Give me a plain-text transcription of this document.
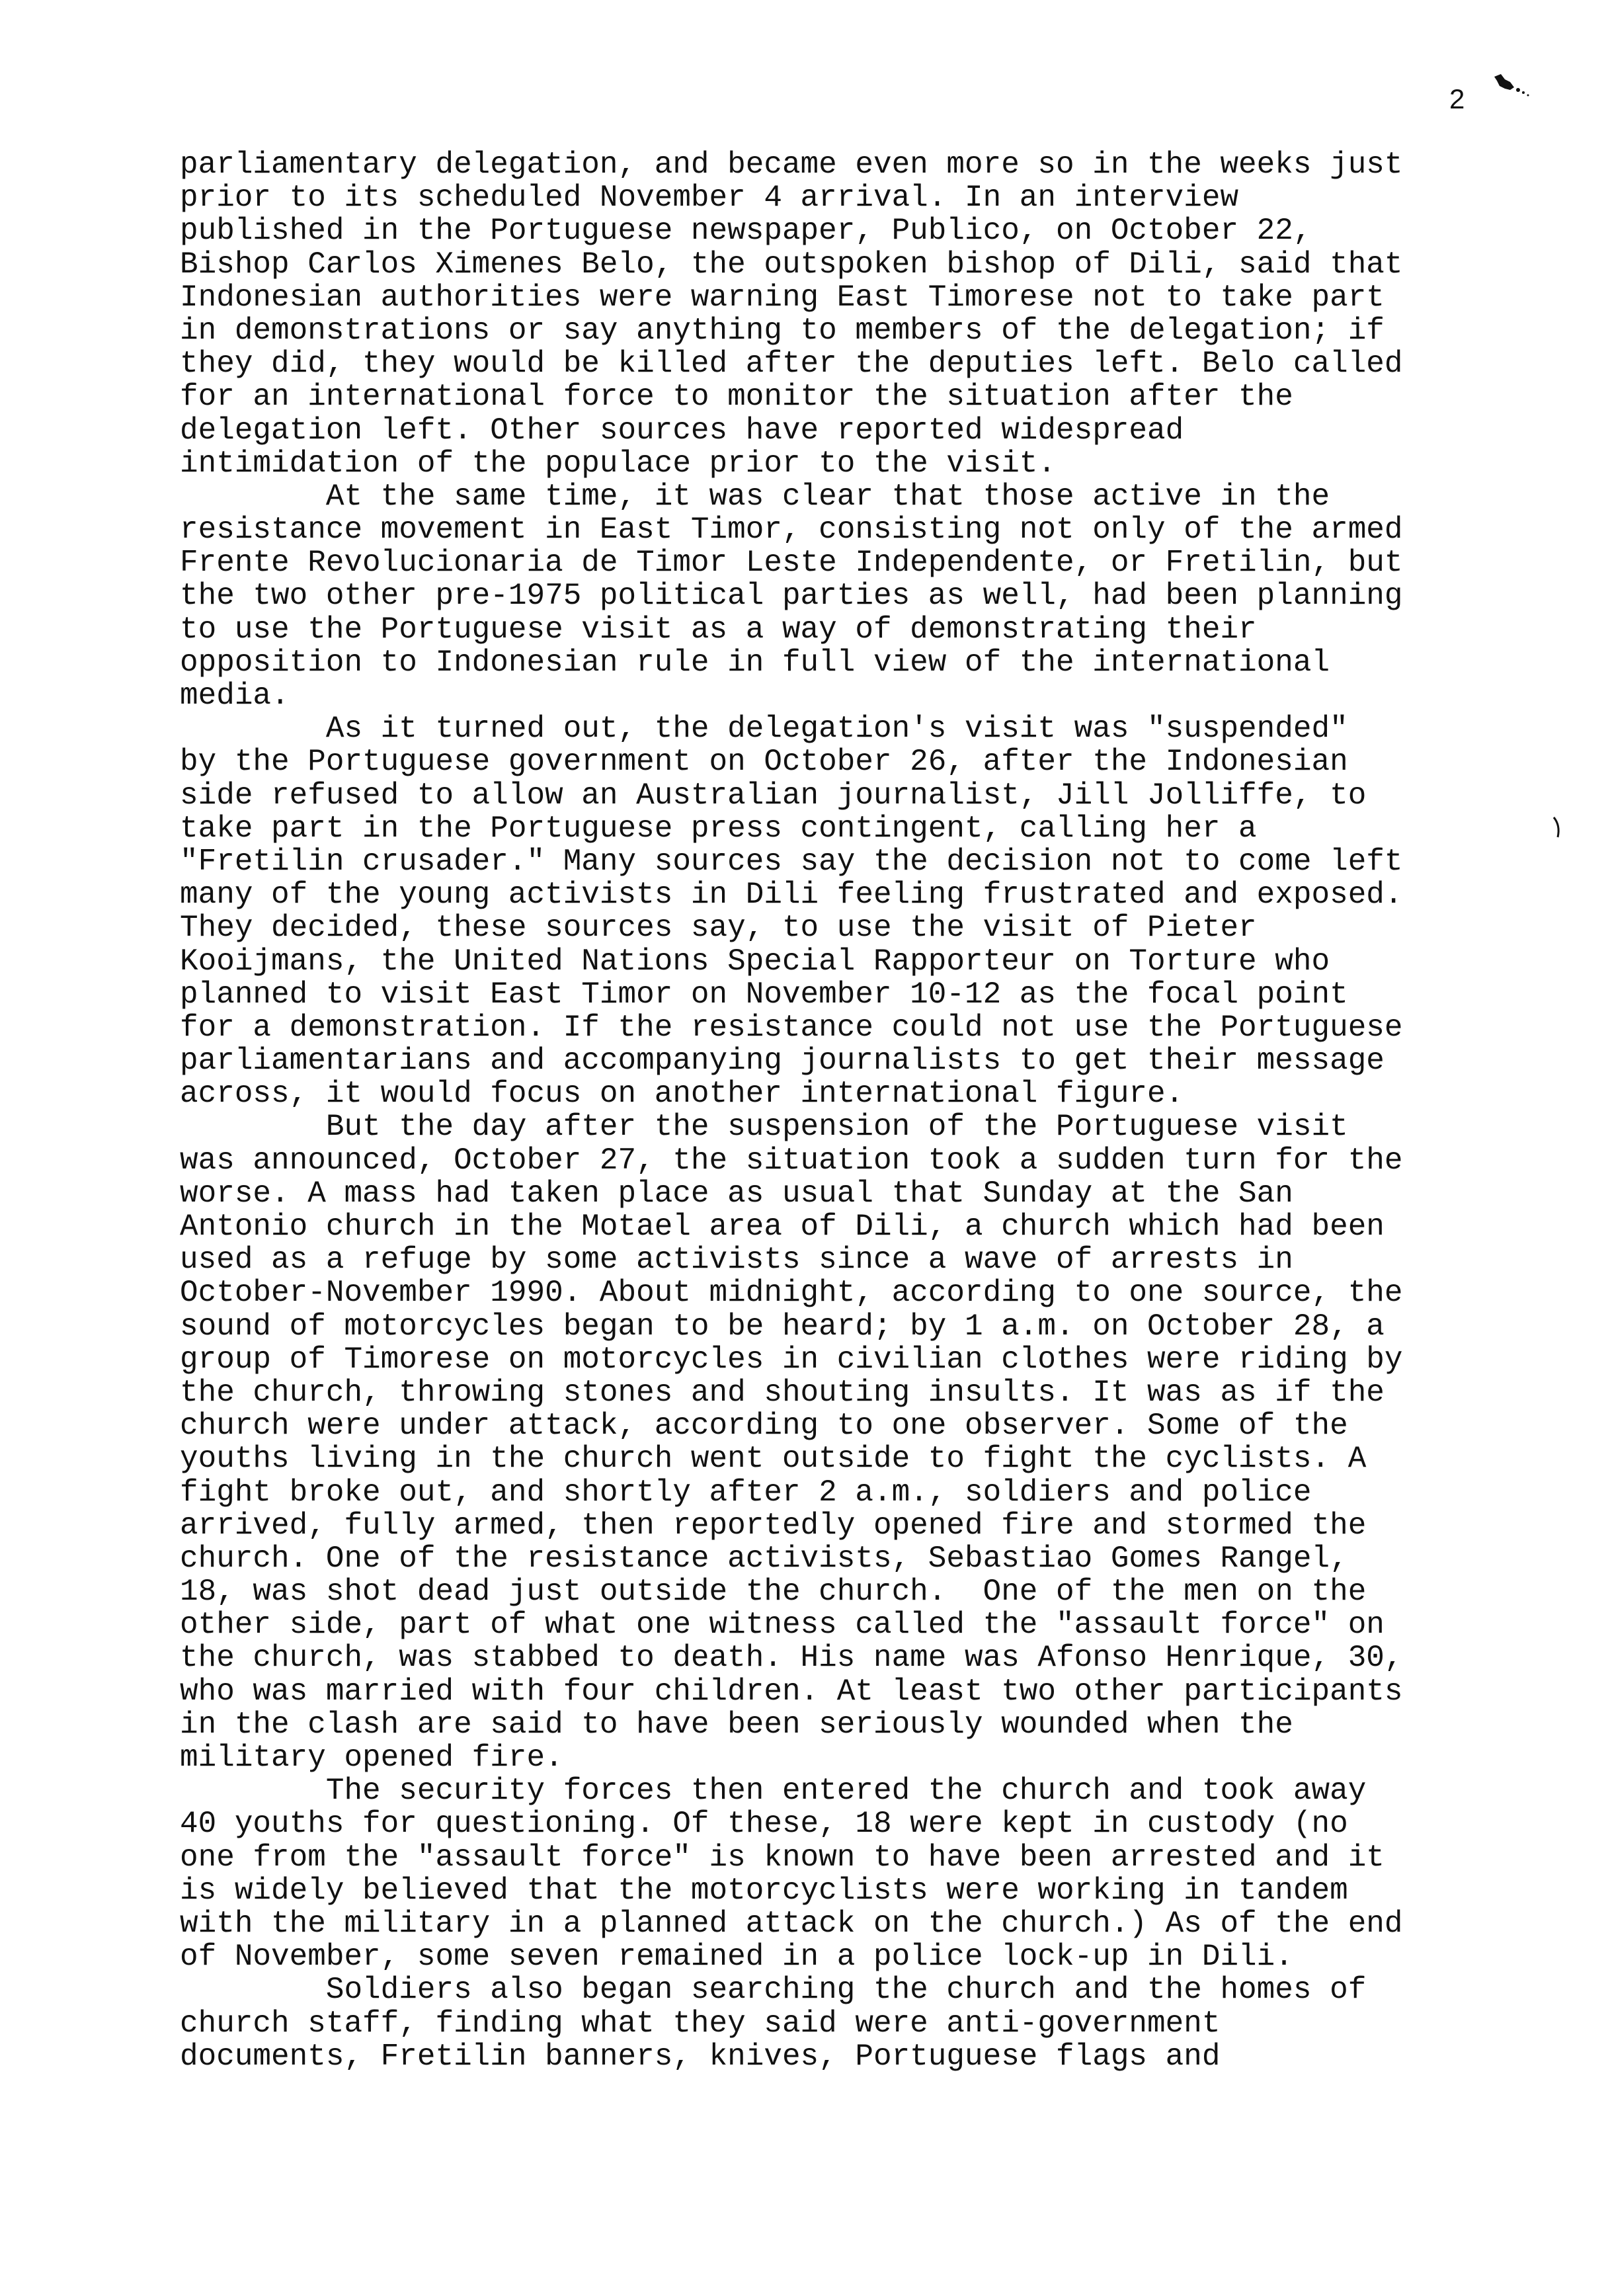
2
parliamentary delegation, and became even more so in the weeks just
prior to its scheduled November 4 arrival. In an interview
published in the Portuguese newspaper, Publico, on October 22,
Bishop Carlos Ximenes Belo, the outspoken bishop of Dili, said that
Indonesian authorities were warning East Timorese not to take part
in demonstrations or say anything to members of the delegation; if
they did, they would be killed after the deputies left. Belo called
for an international force to monitor the situation after the
delegation left. Other sources have reported widespread
intimidation of the populace prior to the visit.
At the same time, it was clear that those active in the
resistance movement in East Timor, consisting not only of the armed
Frente Revolucionaria de Timor Leste Independente, or Fretilin, but
the two other pre-1975 political parties as well, had been planning
to use the Portuguese visit as a way of demonstrating their
opposition to Indonesian rule in full view of the international
media.
As it turned out, the delegation's visit was "suspended"
by the Portuguese government on October 26, after the Indonesian
side refused to allow an Australian journalist, Jill Jolliffe, to
take part in the Portuguese press contingent, calling her a
"Fretilin crusader." Many sources say the decision not to come left
many of the young activists in Dili feeling frustrated and exposed.
They decided, these sources say, to use the visit of Pieter
Kooijmans, the United Nations Special Rapporteur on Torture who
planned to visit East Timor on November 10-12 as the focal point
for a demonstration. If the resistance could not use the Portuguese
parliamentarians and accompanying journalists to get their message
across, it would focus on another international figure.
But the day after the suspension of the Portuguese visit
was announced, October 27, the situation took a sudden turn for the
worse. A mass had taken place as usual that Sunday at the San
Antonio church in the Motael area of Dili, a church which had been
used as a refuge by some activists since a wave of arrests in
October-November 1990. About midnight, according to one source, the
sound of motorcycles began to be heard; by 1 a.m. on October 28, a
group of Timorese on motorcycles in civilian clothes were riding by
the church, throwing stones and shouting insults. It was as if the
church were under attack, according to one observer. Some of the
youths living in the church went outside to fight the cyclists. A
fight broke out, and shortly after 2 a.m., soldiers and police
arrived, fully armed, then reportedly opened fire and stormed the
church. One of the resistance activists, Sebastiao Gomes Rangel,
18, was shot dead just outside the church.  One of the men on the
other side, part of what one witness called the "assault force" on
the church, was stabbed to death. His name was Afonso Henrique, 30,
who was married with four children. At least two other participants
in the clash are said to have been seriously wounded when the
military opened fire.
The security forces then entered the church and took away
40 youths for questioning. Of these, 18 were kept in custody (no
one from the "assault force" is known to have been arrested and it
is widely believed that the motorcyclists were working in tandem
with the military in a planned attack on the church.) As of the end
of November, some seven remained in a police lock-up in Dili.
Soldiers also began searching the church and the homes of
church staff, finding what they said were anti-government
documents, Fretilin banners, knives, Portuguese flags and
